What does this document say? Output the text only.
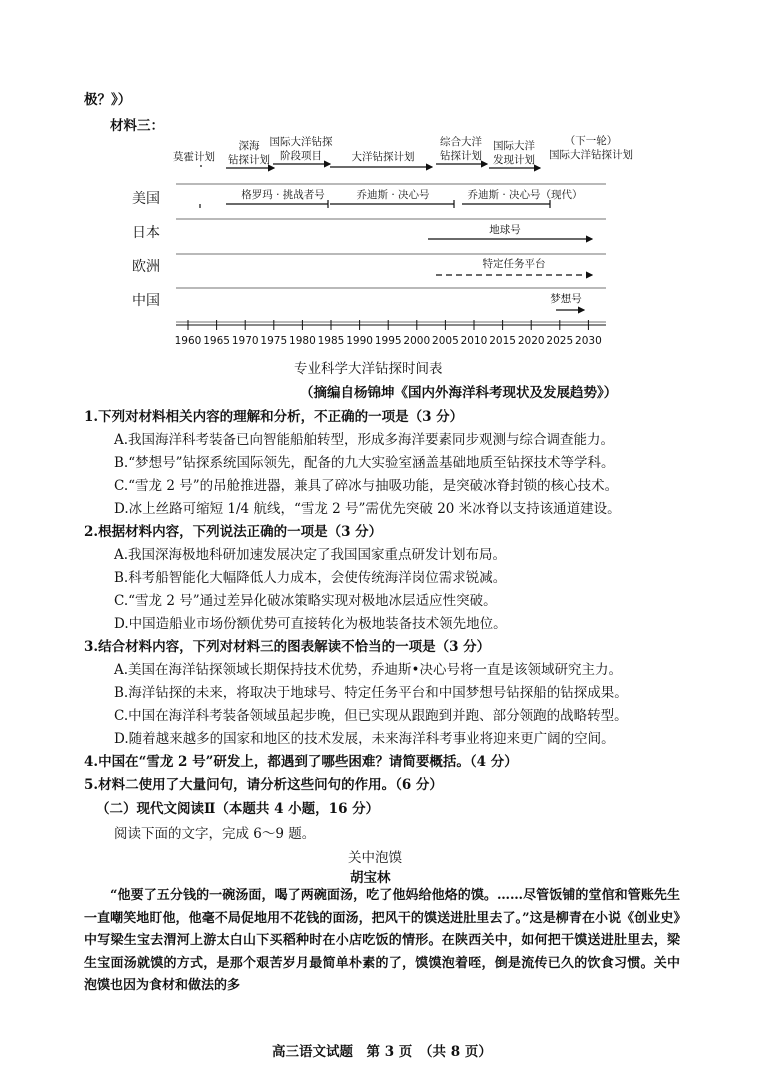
极？》）
材料三：
莫霍计划
深海
钻探计划
国际大洋钻探
阶段项目	大洋钻探计划
综合大洋
钻探计划
国际大洋
发现计划
（下一轮）
国际大洋钻探计划
美国
日本
欧洲
中国
格罗玛 · 挑战者号	乔迪斯 · 决心号	乔迪斯 · 决心号（现代）
地球号
特定任务平台
梦想号
1960 1965 1970 1975 1980 1985 1990 1995 2000 2005 2010 2015 2020 2025 2030
专业科学大洋钻探时间表
（摘编自杨锦坤《国内外海洋科考现状及发展趋势》）
1.下列对材料相关内容的理解和分析，不正确的一项是（3 分）
A.我国海洋科考装备已向智能船舶转型，形成多海洋要素同步观测与综合调查能力。
B.“梦想号”钻探系统国际领先，配备的九大实验室涵盖基础地质至钻探技术等学科。
C.“雪龙 2 号”的吊舱推进器，兼具了碎冰与抽吸功能，是突破冰脊封锁的核心技术。
D.冰上丝路可缩短 1/4 航线，“雪龙 2 号”需优先突破 20 米冰脊以支持该通道建设。
2.根据材料内容，下列说法正确的一项是（3 分）
A.我国深海极地科研加速发展决定了我国国家重点研发计划布局。
B.科考船智能化大幅降低人力成本，会使传统海洋岗位需求锐减。
C.“雪龙 2 号”通过差异化破冰策略实现对极地冰层适应性突破。
D.中国造船业市场份额优势可直接转化为极地装备技术领先地位。
3.结合材料内容，下列对材料三的图表解读不恰当的一项是（3 分）
A.美国在海洋钻探领域长期保持技术优势，乔迪斯•决心号将一直是该领域研究主力。
B.海洋钻探的未来，将取决于地球号、特定任务平台和中国梦想号钻探船的钻探成果。
C.中国在海洋科考装备领域虽起步晚，但已实现从跟跑到并跑、部分领跑的战略转型。
D.随着越来越多的国家和地区的技术发展，未来海洋科考事业将迎来更广阔的空间。
4.中国在“雪龙 2 号”研发上，都遇到了哪些困难？请简要概括。（4 分）
5.材料二使用了大量问句，请分析这些问句的作用。（6 分）
（二）现代文阅读Ⅱ（本题共 4 小题，16 分）
阅读下面的文字，完成 6～9 题。
关中泡馍
胡宝林
“他要了五分钱的一碗汤面，喝了两碗面汤，吃了他妈给他烙的馍。……尽管饭铺的堂倌和管账先生一直嘲笑地盯他，他毫不局促地用不花钱的面汤，把风干的馍送进肚里去了。”这是柳青在小说《创业史》中写梁生宝去渭河上游太白山下买稻种时在小店吃饭的情形。在陕西关中，如何把干馍送进肚里去，梁生宝面汤就馍的方式，是那个艰苦岁月最简单朴素的了，馍馍泡着咥，倒是流传已久的饮食习惯。关中泡馍也因为食材和做法的多
高三语文试题　第 3 页　（共 8 页）
